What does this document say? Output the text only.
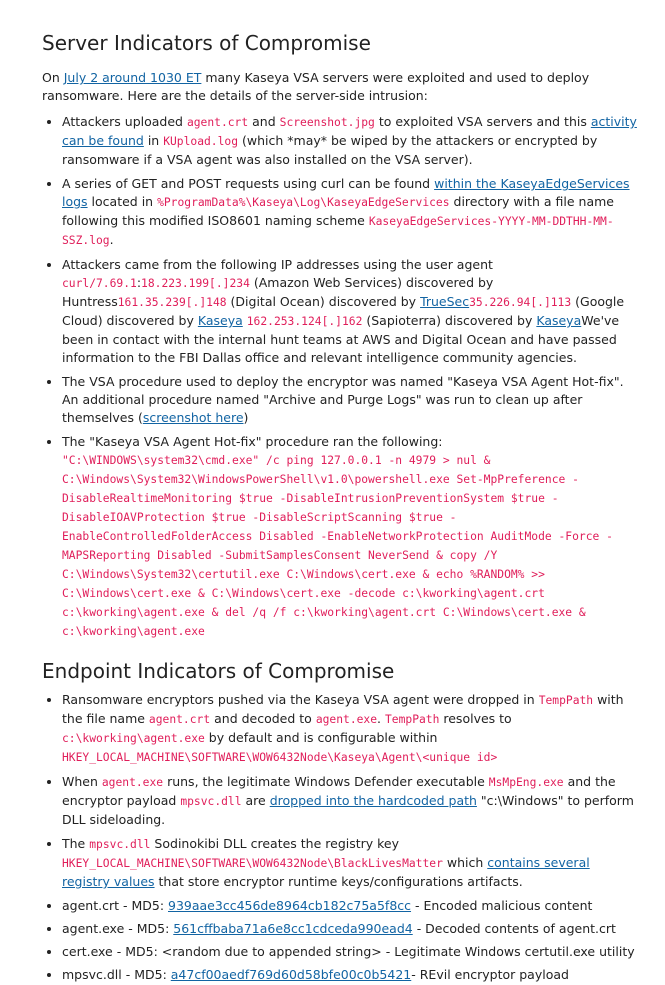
Server Indicators of Compromise

On July 2 around 1030 ET many Kaseya VSA servers were exploited and used to deploy ransomware. Here are the details of the server-side intrusion:

• Attackers uploaded agent.crt and Screenshot.jpg to exploited VSA servers and this activity can be found in KUpload.log (which *may* be wiped by the attackers or encrypted by ransomware if a VSA agent was also installed on the VSA server).
• A series of GET and POST requests using curl can be found within the KaseyaEdgeServices logs located in %ProgramData%\Kaseya\Log\KaseyaEdgeServices directory with a file name following this modified ISO8601 naming scheme KaseyaEdgeServices-YYYY-MM-DDTHH-MM-SSZ.log.
• Attackers came from the following IP addresses using the user agent curl/7.69.1:18.223.199[.]234 (Amazon Web Services) discovered by Huntress161.35.239[.]148 (Digital Ocean) discovered by TrueSec35.226.94[.]113 (Google Cloud) discovered by Kaseya 162.253.124[.]162 (Sapioterra) discovered by KaseyaWe've been in contact with the internal hunt teams at AWS and Digital Ocean and have passed information to the FBI Dallas office and relevant intelligence community agencies.
• The VSA procedure used to deploy the encryptor was named "Kaseya VSA Agent Hot-fix". An additional procedure named "Archive and Purge Logs" was run to clean up after themselves (screenshot here)
• The "Kaseya VSA Agent Hot-fix" procedure ran the following: "C:\WINDOWS\system32\cmd.exe" /c ping 127.0.0.1 -n 4979 > nul & C:\Windows\System32\WindowsPowerShell\v1.0\powershell.exe Set-MpPreference -DisableRealtimeMonitoring $true -DisableIntrusionPreventionSystem $true -DisableIOAVProtection $true -DisableScriptScanning $true -EnableControlledFolderAccess Disabled -EnableNetworkProtection AuditMode -Force -MAPSReporting Disabled -SubmitSamplesConsent NeverSend & copy /Y C:\Windows\System32\certutil.exe C:\Windows\cert.exe & echo %RANDOM% >> C:\Windows\cert.exe & C:\Windows\cert.exe -decode c:\kworking\agent.crt c:\kworking\agent.exe & del /q /f c:\kworking\agent.crt C:\Windows\cert.exe & c:\kworking\agent.exe
Endpoint Indicators of Compromise
• Ransomware encryptors pushed via the Kaseya VSA agent were dropped in TempPath with the file name agent.crt and decoded to agent.exe. TempPath resolves to c:\kworking\agent.exe by default and is configurable within HKEY_LOCAL_MACHINE\SOFTWARE\WOW6432Node\Kaseya\Agent\<unique id>
• When agent.exe runs, the legitimate Windows Defender executable MsMpEng.exe and the encryptor payload mpsvc.dll are dropped into the hardcoded path "c:\Windows" to perform DLL sideloading.
• The mpsvc.dll Sodinokibi DLL creates the registry key HKEY_LOCAL_MACHINE\SOFTWARE\WOW6432Node\BlackLivesMatter which contains several registry values that store encryptor runtime keys/configurations artifacts.
• agent.crt - MD5: 939aae3cc456de8964cb182c75a5f8cc - Encoded malicious content
• agent.exe - MD5: 561cffbaba71a6e8cc1cdceda990ead4 - Decoded contents of agent.crt
• cert.exe - MD5: <random due to appended string> - Legitimate Windows certutil.exe utility
• mpsvc.dll - MD5: a47cf00aedf769d60d58bfe00c0b5421- REvil encryptor payload
